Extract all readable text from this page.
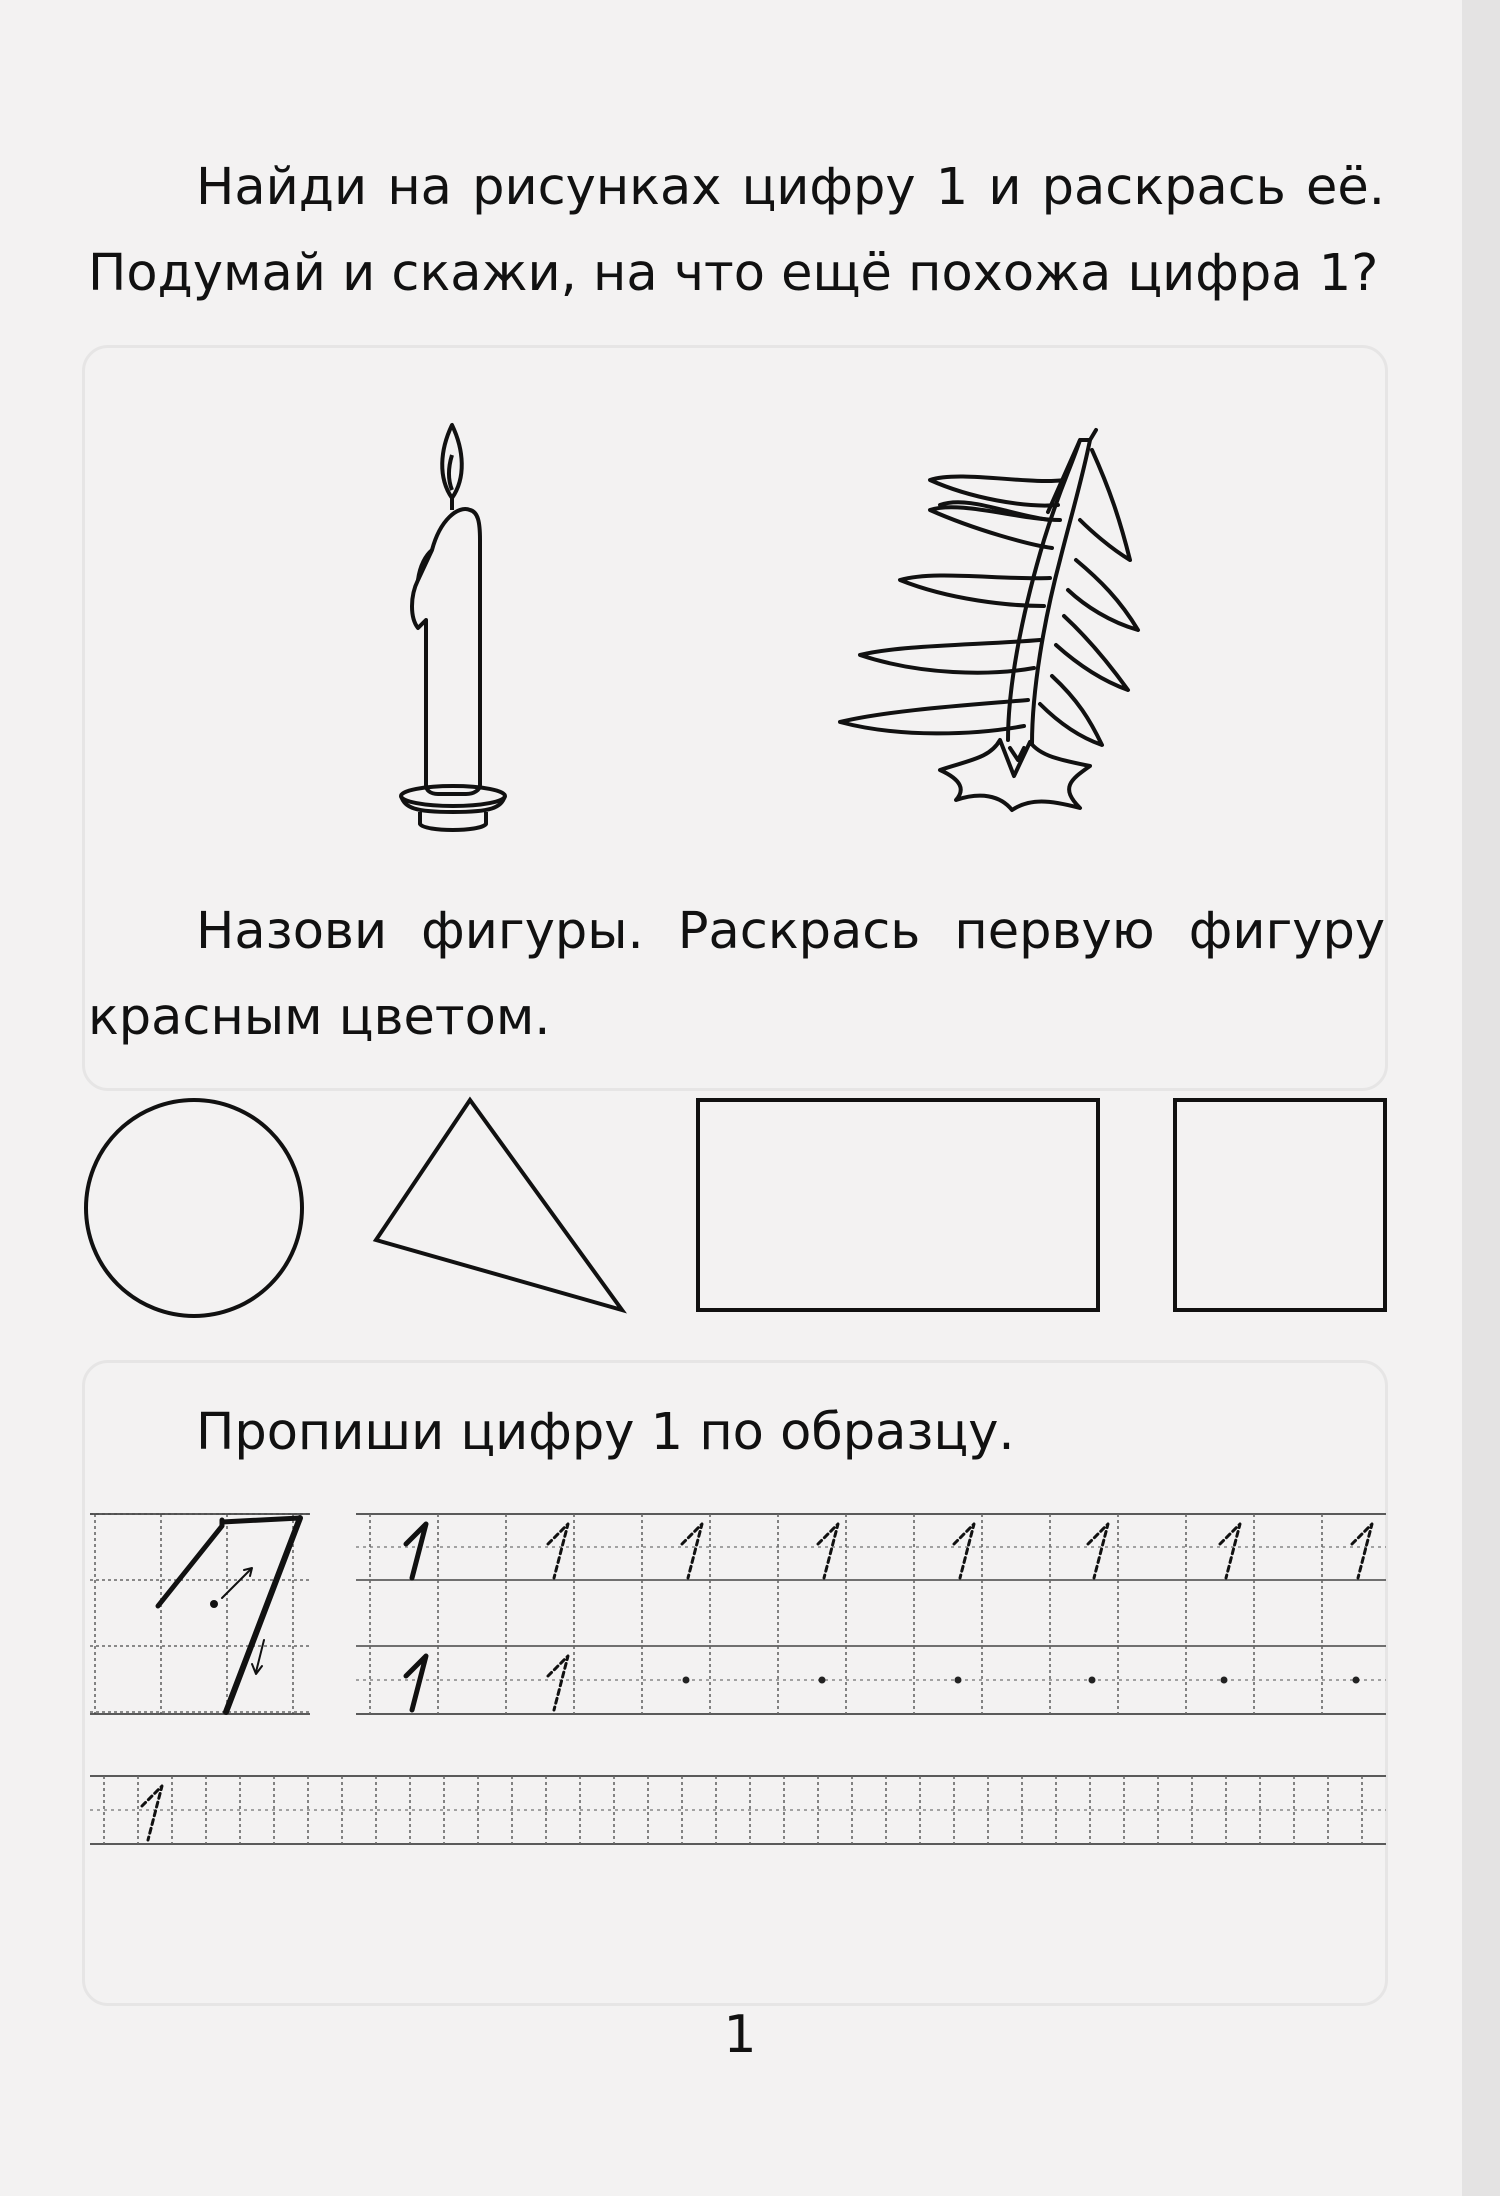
Найди на рисунках цифру 1 и раскрась её. Подумай и скажи, на что ещё похожа цифра 1?

Назови фигуры. Раскрась первую фигуру красным цветом.

Пропиши цифру 1 по образцу.

1
